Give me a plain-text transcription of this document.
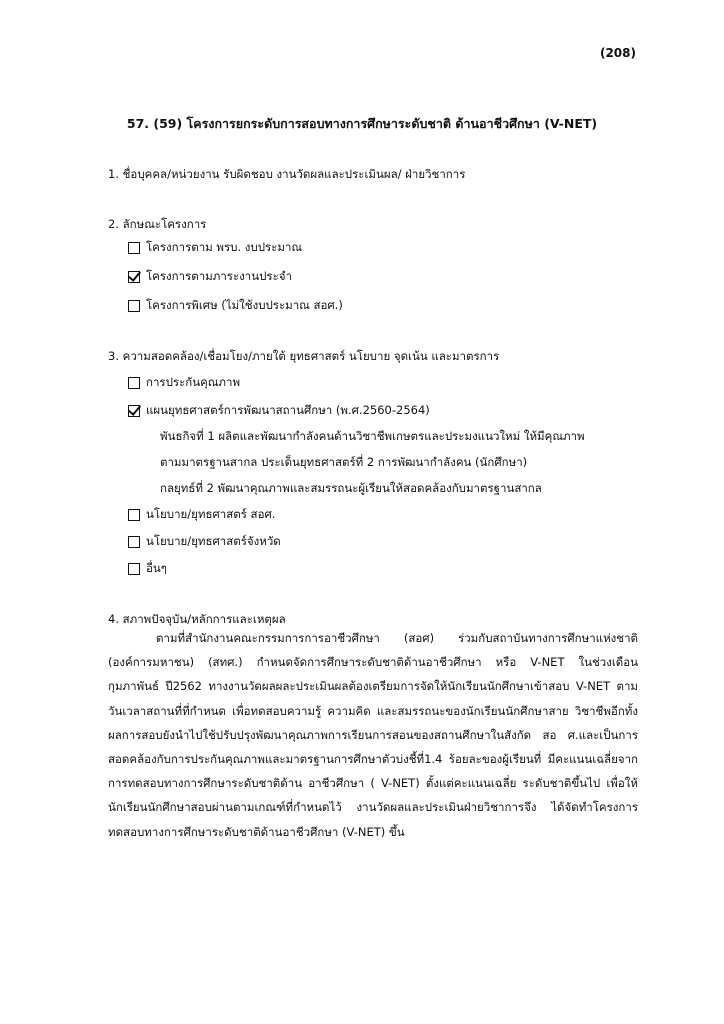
(208)
57. (59) โครงการยกระดับการสอบทางการศึกษาระดับชาติ ด้านอาชีวศึกษา (V-NET)
1. ชื่อบุคคล/หน่วยงาน รับผิดชอบ งานวัดผลและประเมินผล/ ฝ่ายวิชาการ
2. ลักษณะโครงการ
โครงการตาม พรบ. งบประมาณ
โครงการตามภาระงานประจำ
โครงการพิเศษ (ไม่ใช้งบประมาณ สอศ.)
3. ความสอดคล้อง/เชื่อมโยง/ภายใต้ ยุทธศาสตร์ นโยบาย จุดเน้น และมาตรการ
การประกันคุณภาพ
แผนยุทธศาสตร์การพัฒนาสถานศึกษา (พ.ศ.2560-2564)
พันธกิจที่ 1 ผลิตและพัฒนากำลังคนด้านวิชาชีพเกษตรและประมงแนวใหม่ ให้มีคุณภาพ
ตามมาตรฐานสากล ประเด็นยุทธศาสตร์ที่ 2 การพัฒนากำลังคน (นักศึกษา)
กลยุทธ์ที่ 2 พัฒนาคุณภาพและสมรรถนะผู้เรียนให้สอดคล้องกับมาตรฐานสากล
นโยบาย/ยุทธศาสตร์ สอศ.
นโยบาย/ยุทธศาสตร์จังหวัด
อื่นๆ
4. สภาพปัจจุบัน/หลักการและเหตุผล
ตามที่สำนักงานคณะกรรมการการอาชีวศึกษา (สอศ) ร่วมกับสถาบันทางการศึกษาแห่งชาติ (องค์การมหาชน) (สทศ.) กำหนดจัดการศึกษาระดับชาติด้านอาชีวศึกษา หรือ V-NET ในช่วงเดือน กุมภาพันธ์ ปี2562 ทางงานวัดผลผละประเมินผลต้องเตรียมการจัดให้นักเรียนนักศึกษาเข้าสอบ V-NET ตามวันเวลาสถานที่ที่กำหนด เพื่อทดสอบความรู้ ความคิด และสมรรถนะของนักเรียนนักศึกษาสาย วิชาชีพอีกทั้งผลการสอบยังนำไปใช้ปรับปรุงพัฒนาคุณภาพการเรียนการสอนของสถานศึกษาในสังกัด สอ ศ.และเป็นการสอดคล้องกับการประกันคุณภาพและมาตรฐานการศึกษาตัวบ่งชี้ที่1.4 ร้อยละของผู้เรียนที่ มีคะแนนเฉลี่ยจากการทดสอบทางการศึกษาระดับชาติด้าน อาชีวศึกษา ( V-NET) ตั้งแต่คะแนนเฉลี่ย ระดับชาติขึ้นไป เพื่อให้นักเรียนนักศึกษาสอบผ่านตามเกณฑ์ที่กำหนดไว้ งานวัดผลและประเมินฝ่ายวิชาการจึง ได้จัดทำโครงการทดสอบทางการศึกษาระดับชาติด้านอาชีวศึกษา (V-NET) ขึ้น
